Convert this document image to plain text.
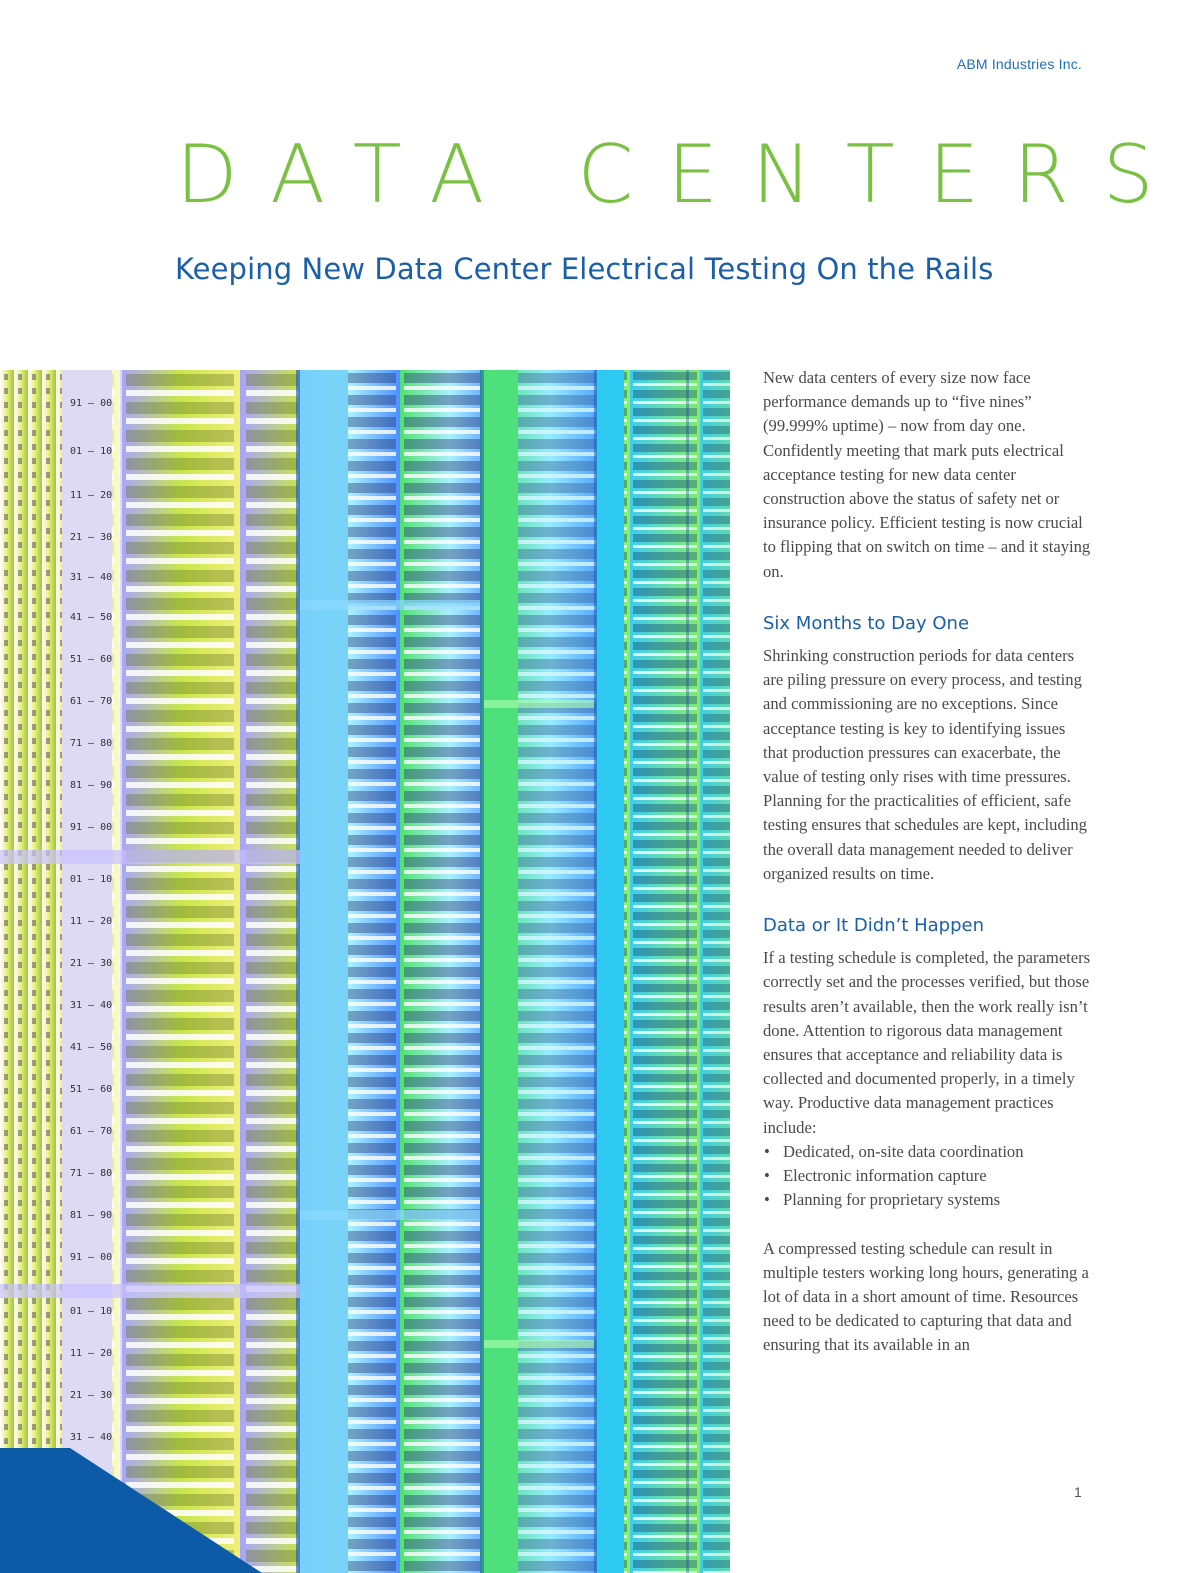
ABM Industries Inc.
DATA CENTERS
Keeping New Data Center Electrical Testing On the Rails
91 — 00
01 — 10
11 — 20
21 — 30
31 — 40
41 — 50
51 — 60
61 — 70
71 — 80
81 — 90
91 — 00
01 — 10
11 — 20
21 — 30
31 — 40
41 — 50
51 — 60
61 — 70
71 — 80
81 — 90
91 — 00
01 — 10
11 — 20
21 — 30
31 — 40

New data centers of every size now face performance demands up to “five nines” (99.999% uptime) – now from day one. Confidently meeting that mark puts electrical acceptance testing for new data center construction above the status of safety net or insurance policy. Efficient testing is now crucial to flipping that on switch on time – and it staying on.

Six Months to Day One

Shrinking construction periods for data centers are piling pressure on every process, and testing and commissioning are no exceptions. Since acceptance testing is key to identifying issues that production pressures can exacerbate, the value of testing only rises with time pressures. Planning for the practicalities of efficient, safe testing ensures that schedules are kept, including the overall data management needed to deliver organized results on time.

Data or It Didn’t Happen

If a testing schedule is completed, the parameters correctly set and the processes verified, but those results aren’t available, then the work really isn’t done. Attention to rigorous data management ensures that acceptance and reliability data is collected and documented properly, in a timely way. Productive data management practices include:

• Dedicated, on-site data coordination
• Electronic information capture
• Planning for proprietary systems

A compressed testing schedule can result in multiple testers working long hours, generating a lot of data in a short amount of time. Resources need to be dedicated to capturing that data and ensuring that its available in an

1
